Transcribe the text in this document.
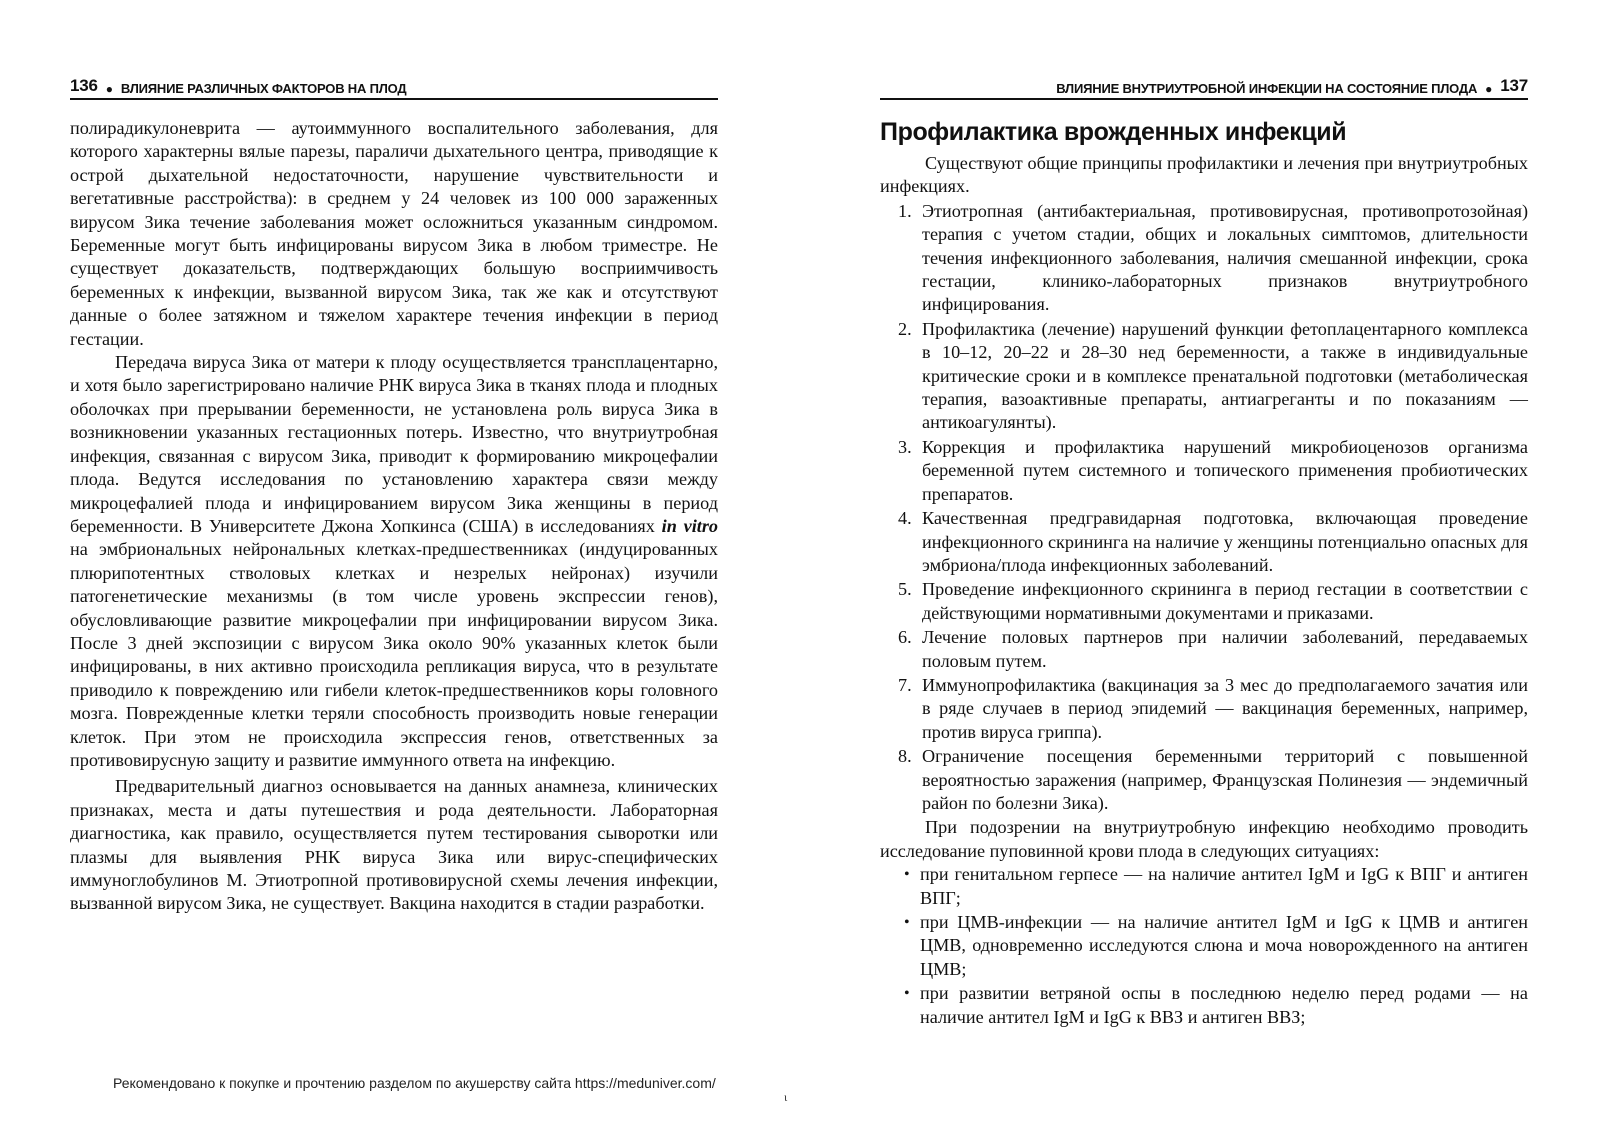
136 ● ВЛИЯНИЕ РАЗЛИЧНЫХ ФАКТОРОВ НА ПЛОД

полирадикулоневрита — аутоиммунного воспалительного заболевания, для которого характерны вялые парезы, параличи дыхательного центра, приводящие к острой дыхательной недостаточности, нарушение чувствительности и вегетативные расстройства): в среднем у 24 человек из 100 000 зараженных вирусом Зика течение заболевания может осложниться указанным синдромом. Беременные могут быть инфицированы вирусом Зика в любом триместре. Не существует доказательств, подтверждающих большую восприимчивость беременных к инфекции, вызванной вирусом Зика, так же как и отсутствуют данные о более затяжном и тяжелом характере течения инфекции в период гестации.

Передача вируса Зика от матери к плоду осуществляется трансплацентарно, и хотя было зарегистрировано наличие РНК вируса Зика в тканях плода и плодных оболочках при прерывании беременности, не установлена роль вируса Зика в возникновении указанных гестационных потерь. Известно, что внутриутробная инфекция, связанная с вирусом Зика, приводит к формированию микроцефалии плода. Ведутся исследования по установлению характера связи между микроцефалией плода и инфицированием вирусом Зика женщины в период беременности. В Университете Джона Хопкинса (США) в исследованиях in vitro на эмбриональных нейрональных клетках-предшественниках (индуцированных плюрипотентных стволовых клетках и незрелых нейронах) изучили патогенетические механизмы (в том числе уровень экспрессии генов), обусловливающие развитие микроцефалии при инфицировании вирусом Зика. После 3 дней экспозиции с вирусом Зика около 90% указанных клеток были инфицированы, в них активно происходила репликация вируса, что в результате приводило к повреждению или гибели клеток-предшественников коры головного мозга. Поврежденные клетки теряли способность производить новые генерации клеток. При этом не происходила экспрессия генов, ответственных за противовирусную защиту и развитие иммунного ответа на инфекцию.

Предварительный диагноз основывается на данных анамнеза, клинических признаках, места и даты путешествия и рода деятельности. Лабораторная диагностика, как правило, осуществляется путем тестирования сыворотки или плазмы для выявления РНК вируса Зика или вирус-специфических иммуноглобулинов М. Этиотропной противовирусной схемы лечения инфекции, вызванной вирусом Зика, не существует. Вакцина находится в стадии разработки.

ВЛИЯНИЕ ВНУТРИУТРОБНОЙ ИНФЕКЦИИ НА СОСТОЯНИЕ ПЛОДА ● 137
Профилактика врожденных инфекций

Существуют общие принципы профилактики и лечения при внутриутробных инфекциях.

1. Этиотропная (антибактериальная, противовирусная, противопротозойная) терапия с учетом стадии, общих и локальных симптомов, длительности течения инфекционного заболевания, наличия смешанной инфекции, срока гестации, клинико-лабораторных признаков внутриутробного инфицирования.
2. Профилактика (лечение) нарушений функции фетоплацентарного комплекса в 10–12, 20–22 и 28–30 нед беременности, а также в индивидуальные критические сроки и в комплексе пренатальной подготовки (метаболическая терапия, вазоактивные препараты, антиагреганты и по показаниям — антикоагулянты).
3. Коррекция и профилактика нарушений микробиоценозов организма беременной путем системного и топического применения пробиотических препаратов.
4. Качественная предгравидарная подготовка, включающая проведение инфекционного скрининга на наличие у женщины потенциально опасных для эмбриона/плода инфекционных заболеваний.
5. Проведение инфекционного скрининга в период гестации в соответствии с действующими нормативными документами и приказами.
6. Лечение половых партнеров при наличии заболеваний, передаваемых половым путем.
7. Иммунопрофилактика (вакцинация за 3 мес до предполагаемого зачатия или в ряде случаев в период эпидемий — вакцинация беременных, например, против вируса гриппа).
8. Ограничение посещения беременными территорий с повышенной вероятностью заражения (например, Французская Полинезия — эндемичный район по болезни Зика).

При подозрении на внутриутробную инфекцию необходимо проводить исследование пуповинной крови плода в следующих ситуациях:

• при генитальном герпесе — на наличие антител IgM и IgG к ВПГ и антиген ВПГ;
• при ЦМВ-инфекции — на наличие антител IgM и IgG к ЦМВ и антиген ЦМВ, одновременно исследуются слюна и моча новорожденного на антиген ЦМВ;
• при развитии ветряной оспы в последнюю неделю перед родами — на наличие антител IgM и IgG к ВВЗ и антиген ВВЗ;
Рекомендовано к покупке и прочтению разделом по акушерству сайта https://meduniver.com/
ι
